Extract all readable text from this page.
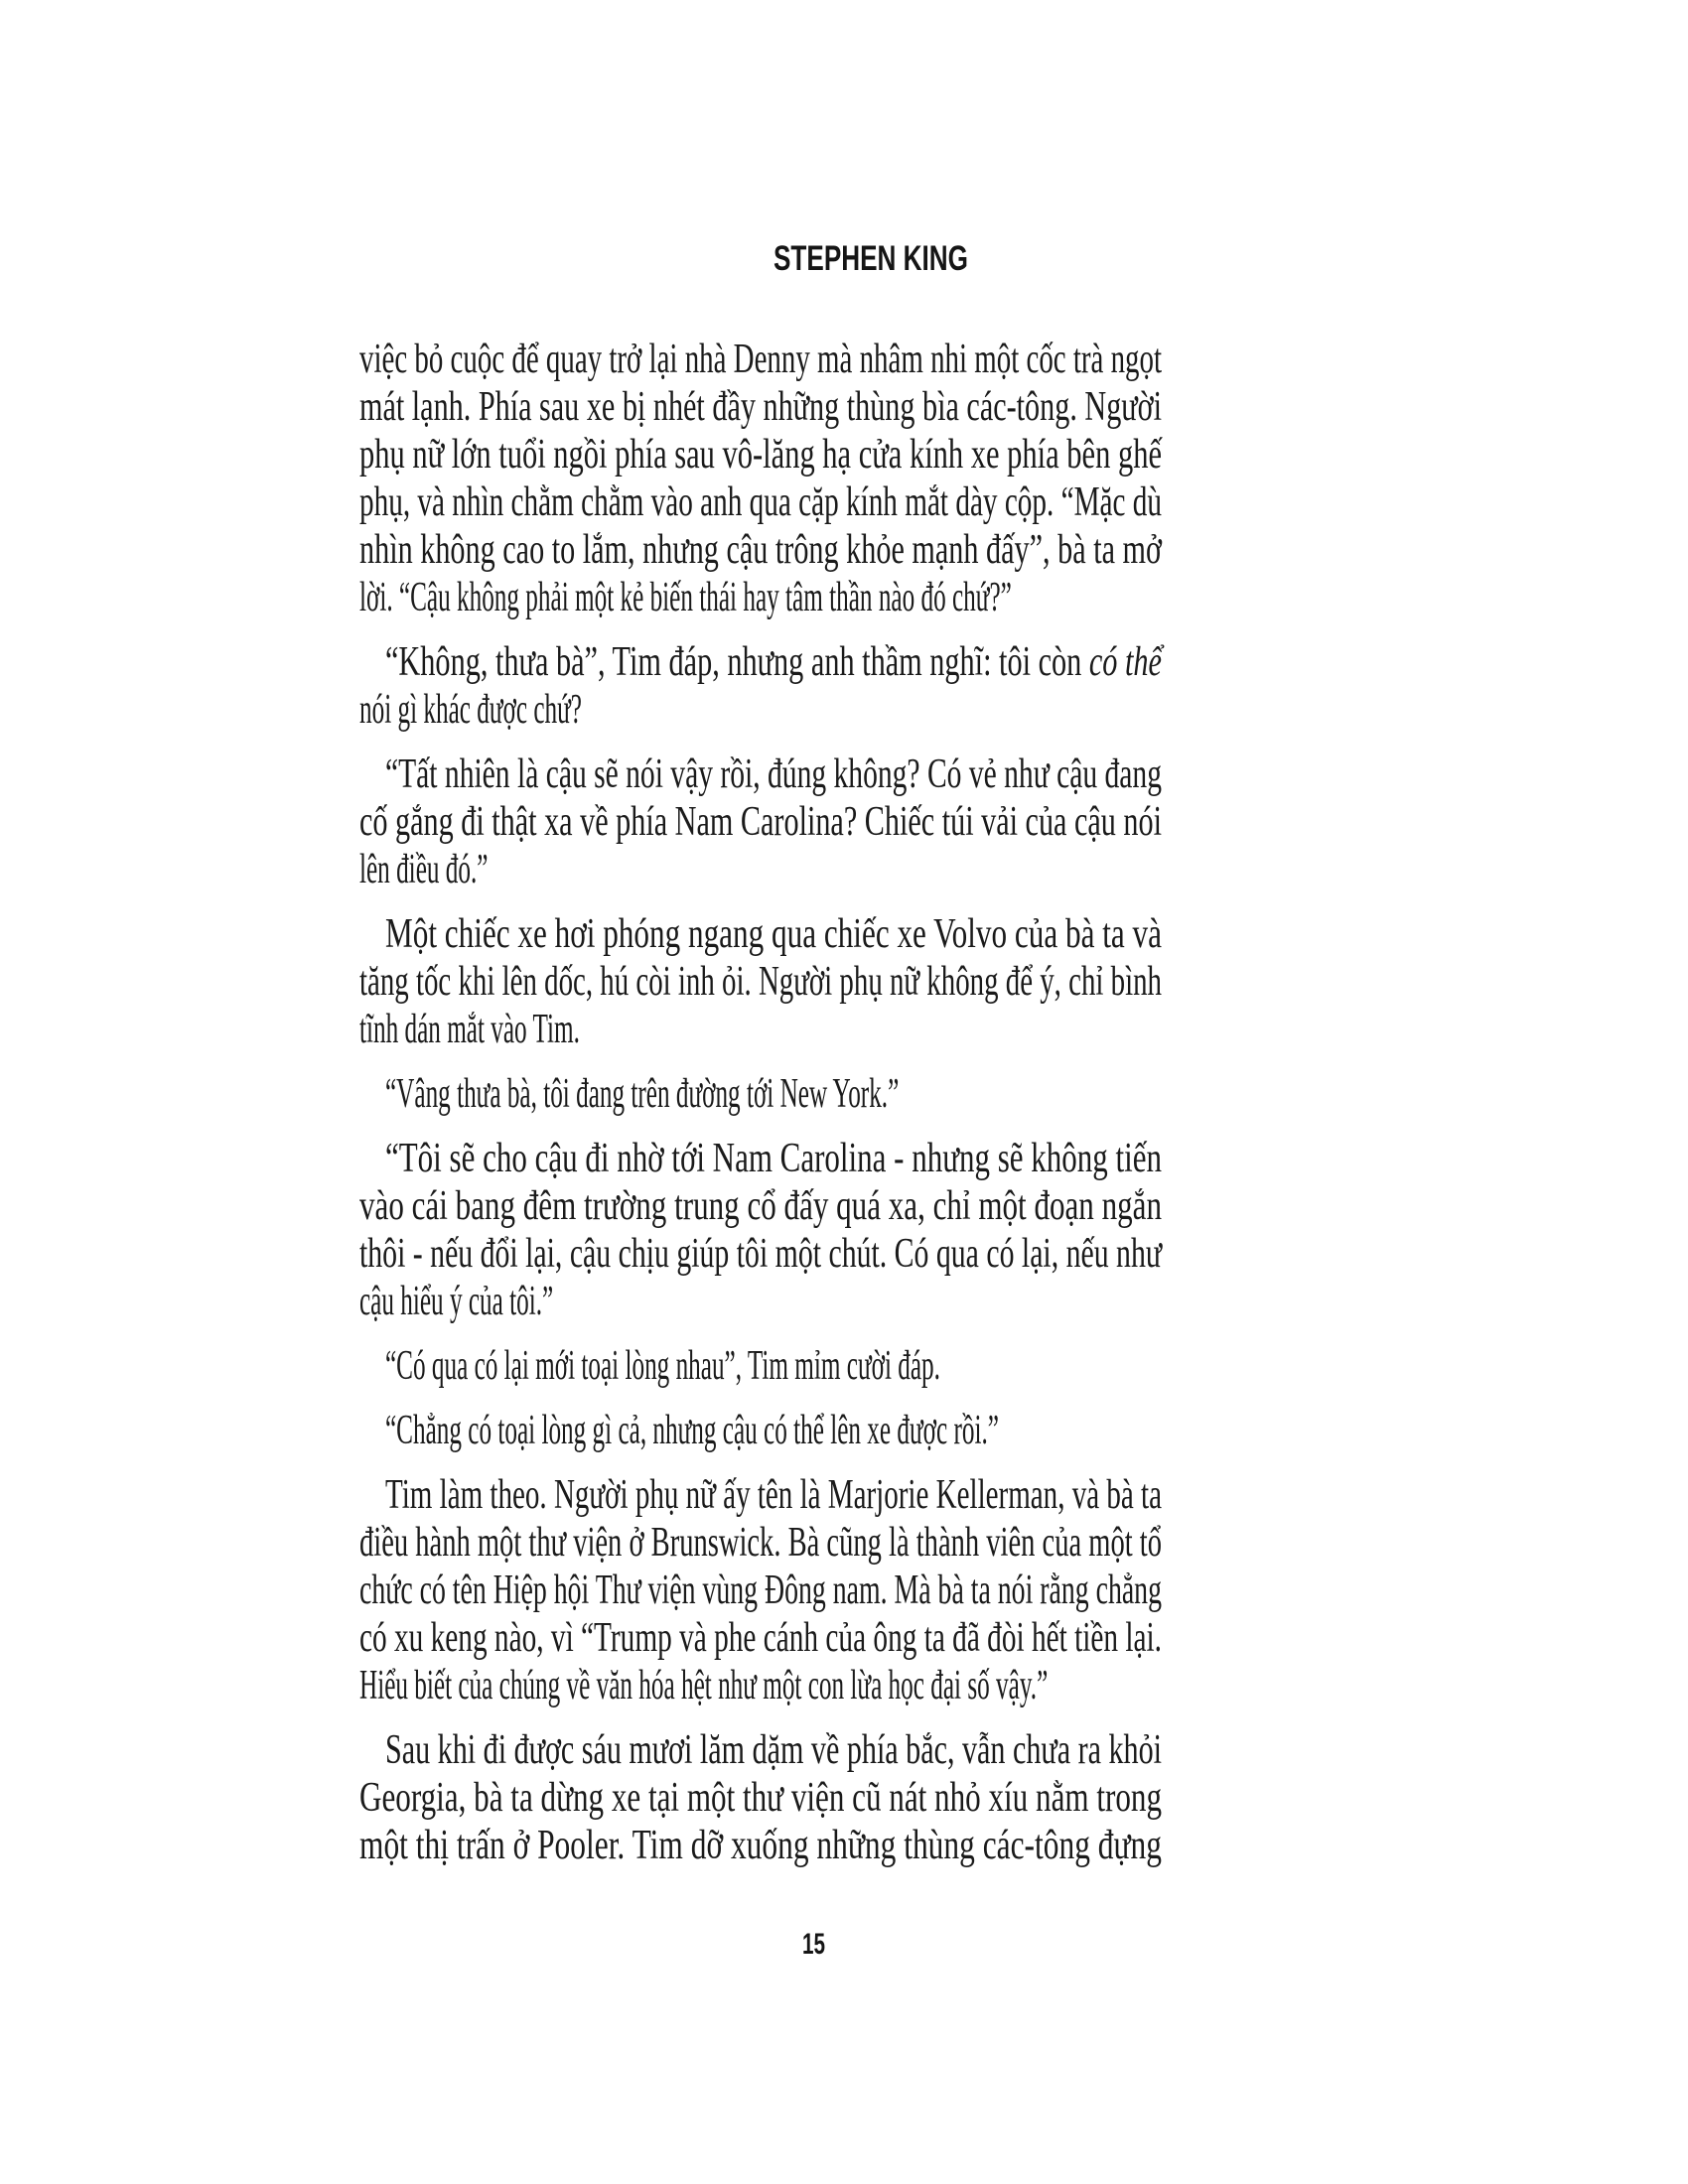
STEPHEN KING
việc bỏ cuộc để quay trở lại nhà Denny mà nhâm nhi một cốc trà ngọt
mát lạnh. Phía sau xe bị nhét đầy những thùng bìa các-tông. Người
phụ nữ lớn tuổi ngồi phía sau vô-lăng hạ cửa kính xe phía bên ghế
phụ, và nhìn chằm chằm vào anh qua cặp kính mắt dày cộp. “Mặc dù
nhìn không cao to lắm, nhưng cậu trông khỏe mạnh đấy”, bà ta mở
lời. “Cậu không phải một kẻ biến thái hay tâm thần nào đó chứ?”
“Không, thưa bà”, Tim đáp, nhưng anh thầm nghĩ: tôi còn có thể
nói gì khác được chứ?
“Tất nhiên là cậu sẽ nói vậy rồi, đúng không? Có vẻ như cậu đang
cố gắng đi thật xa về phía Nam Carolina? Chiếc túi vải của cậu nói
lên điều đó.”
Một chiếc xe hơi phóng ngang qua chiếc xe Volvo của bà ta và
tăng tốc khi lên dốc, hú còi inh ỏi. Người phụ nữ không để ý, chỉ bình
tĩnh dán mắt vào Tim.
“Vâng thưa bà, tôi đang trên đường tới New York.”
“Tôi sẽ cho cậu đi nhờ tới Nam Carolina - nhưng sẽ không tiến
vào cái bang đêm trường trung cổ đấy quá xa, chỉ một đoạn ngắn
thôi - nếu đổi lại, cậu chịu giúp tôi một chút. Có qua có lại, nếu như
cậu hiểu ý của tôi.”
“Có qua có lại mới toại lòng nhau”, Tim mỉm cười đáp.
“Chẳng có toại lòng gì cả, nhưng cậu có thể lên xe được rồi.”
Tim làm theo. Người phụ nữ ấy tên là Marjorie Kellerman, và bà ta
điều hành một thư viện ở Brunswick. Bà cũng là thành viên của một tổ
chức có tên Hiệp hội Thư viện vùng Đông nam. Mà bà ta nói rằng chẳng
có xu keng nào, vì “Trump và phe cánh của ông ta đã đòi hết tiền lại.
Hiểu biết của chúng về văn hóa hệt như một con lừa học đại số vậy.”
Sau khi đi được sáu mươi lăm dặm về phía bắc, vẫn chưa ra khỏi
Georgia, bà ta dừng xe tại một thư viện cũ nát nhỏ xíu nằm trong
một thị trấn ở Pooler. Tim dỡ xuống những thùng các-tông đựng
15
